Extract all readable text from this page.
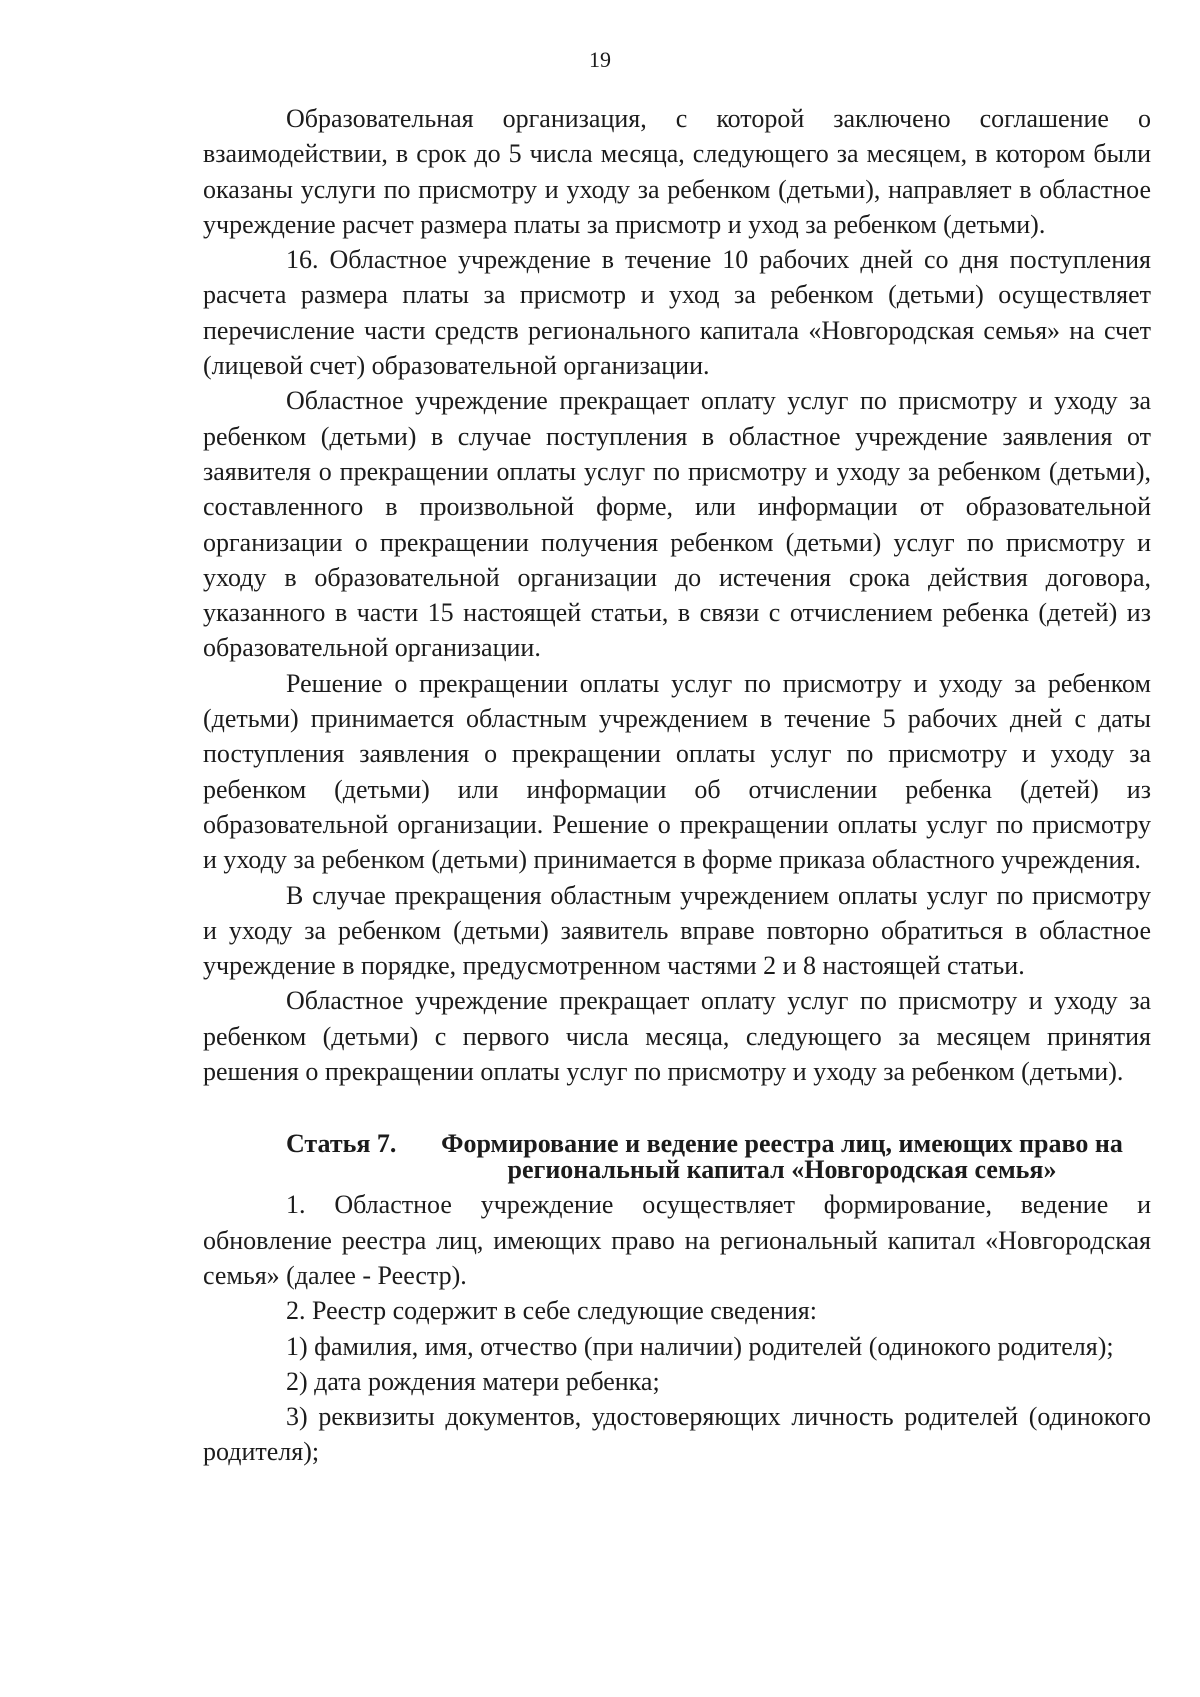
19

Образовательная организация, с которой заключено соглашение о взаимодействии, в срок до 5 числа месяца, следующего за месяцем, в котором были оказаны услуги по присмотру и уходу за ребенком (детьми), направляет в областное учреждение расчет размера платы за присмотр и уход за ребенком (детьми).

16. Областное учреждение в течение 10 рабочих дней со дня поступления расчета размера платы за присмотр и уход за ребенком (детьми) осуществляет перечисление части средств регионального капитала «Новгородская семья» на счет (лицевой счет) образовательной организации.

Областное учреждение прекращает оплату услуг по присмотру и уходу за ребенком (детьми) в случае поступления в областное учреждение заявления от заявителя о прекращении оплаты услуг по присмотру и уходу за ребенком (детьми), составленного в произвольной форме, или информации от образовательной организации о прекращении получения ребенком (детьми) услуг по присмотру и уходу в образовательной организации до истечения срока действия договора, указанного в части 15 настоящей статьи, в связи с отчислением ребенка (детей) из образовательной организации.

Решение о прекращении оплаты услуг по присмотру и уходу за ребенком (детьми) принимается областным учреждением в течение 5 рабочих дней с даты поступления заявления о прекращении оплаты услуг по присмотру и уходу за ребенком (детьми) или информации об отчислении ребенка (детей) из образовательной организации. Решение о прекращении оплаты услуг по присмотру и уходу за ребенком (детьми) принимается в форме приказа областного учреждения.

В случае прекращения областным учреждением оплаты услуг по присмотру и уходу за ребенком (детьми) заявитель вправе повторно обратиться в областное учреждение в порядке, предусмотренном частями 2 и 8 настоящей статьи.

Областное учреждение прекращает оплату услуг по присмотру и уходу за ребенком (детьми) с первого числа месяца, следующего за месяцем принятия решения о прекращении оплаты услуг по присмотру и уходу за ребенком (детьми).

Статья 7.	Формирование и ведение реестра лиц, имеющих право на региональный капитал «Новгородская семья»

1. Областное учреждение осуществляет формирование, ведение и обновление реестра лиц, имеющих право на региональный капитал «Новгородская семья» (далее - Реестр).

2. Реестр содержит в себе следующие сведения:

1) фамилия, имя, отчество (при наличии) родителей (одинокого родителя);

2) дата рождения матери ребенка;

3) реквизиты документов, удостоверяющих личность родителей (одинокого родителя);
